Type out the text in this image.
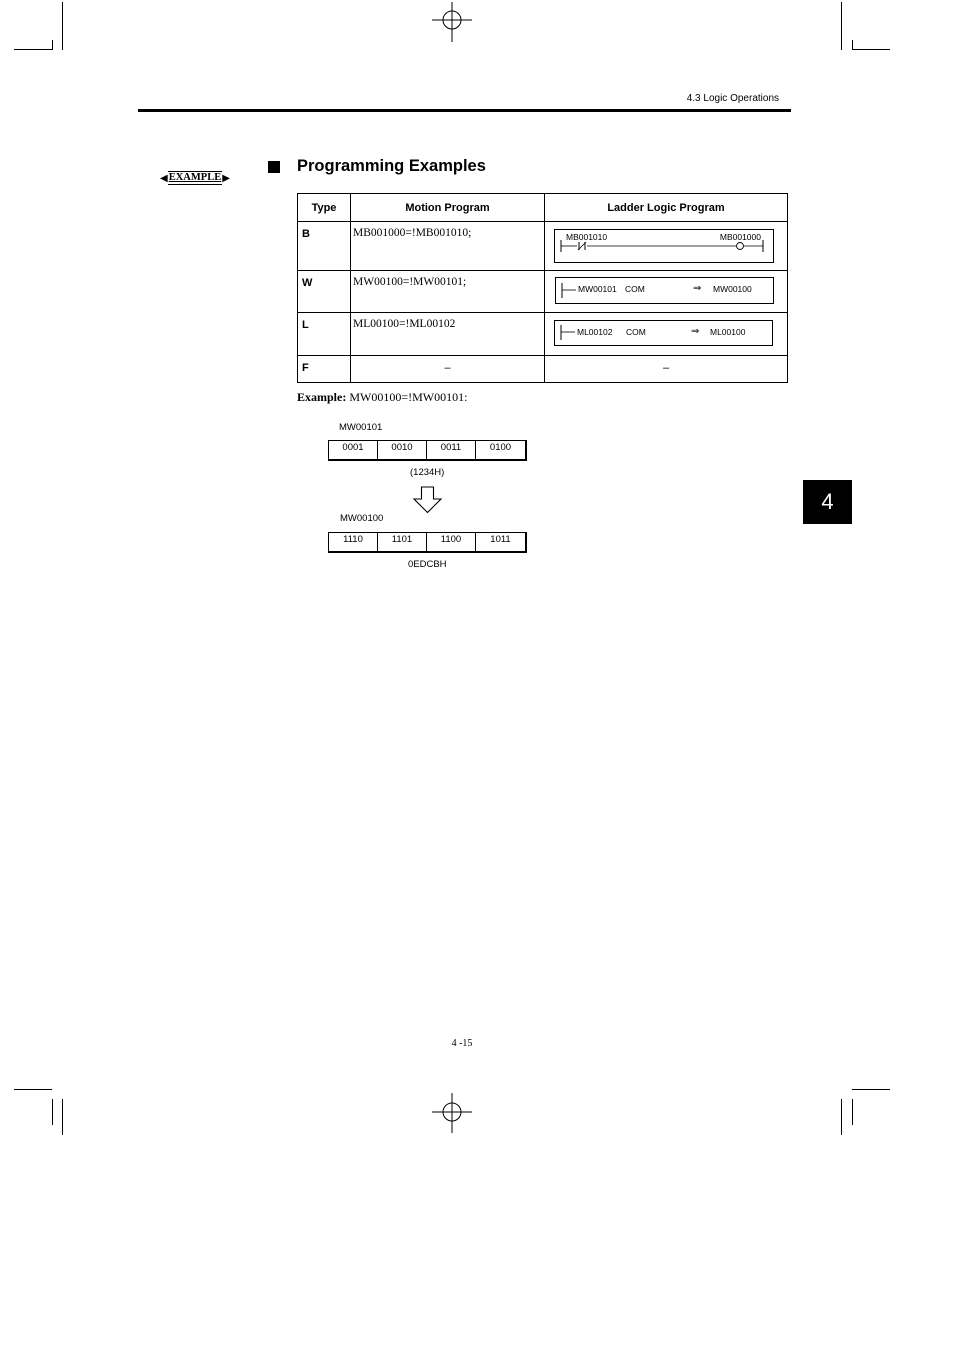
4.3 Logic Operations
◀ EXAMPLE ▶
Programming Examples
Type	Motion Program	Ladder Logic Program
B	MB001000=!MB001010;	MB001010 MB001000

W	MW00100=!MW00101;	MW00101 COM ⇒ MW00100

L	ML00100=!ML00102	ML00102 COM ⇒ ML00100

F	–	–
Example: MW00100=!MW00101:
MW00101
0001	0010	0011	0100
(1234H)
MW00100
1110	1101	1100	1011
0EDCBH
4
4 -15
